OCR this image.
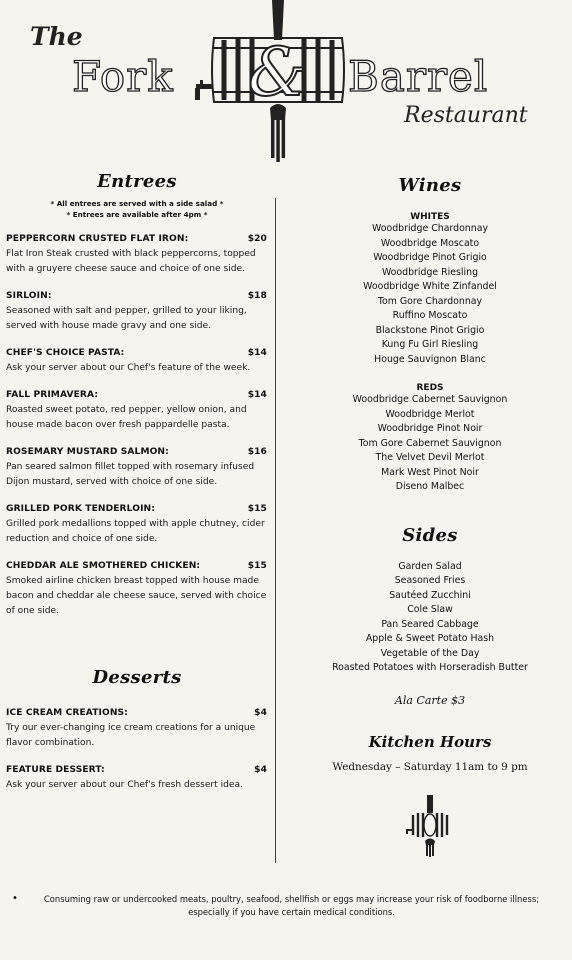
The
Fork & Barrel
Restaurant
Entrees
* All entrees are served with a side salad *
* Entrees are available after 4pm *
PEPPERCORN CRUSTED FLAT IRON:	$20
Flat Iron Steak crusted with black peppercorns, topped with a gruyere cheese sauce and choice of one side.
SIRLOIN:	$18
Seasoned with salt and pepper, grilled to your liking, served with house made gravy and one side.
CHEF'S CHOICE PASTA:	$14
Ask your server about our Chef's feature of the week.
FALL PRIMAVERA:	$14
Roasted sweet potato, red pepper, yellow onion, and house made bacon over fresh pappardelle pasta.
ROSEMARY MUSTARD SALMON:	$16
Pan seared salmon fillet topped with rosemary infused Dijon mustard, served with choice of one side.
GRILLED PORK TENDERLOIN:	$15
Grilled pork medallions topped with apple chutney, cider reduction and choice of one side.
CHEDDAR ALE SMOTHERED CHICKEN:	$15
Smoked airline chicken breast topped with house made bacon and cheddar ale cheese sauce, served with choice of one side.
Desserts
ICE CREAM CREATIONS:	$4
Try our ever-changing ice cream creations for a unique flavor combination.
FEATURE DESSERT:	$4
Ask your server about our Chef's fresh dessert idea.
Wines
WHITES
Woodbridge Chardonnay
Woodbridge Moscato
Woodbridge Pinot Grigio
Woodbridge Riesling
Woodbridge White Zinfandel
Tom Gore Chardonnay
Ruffino Moscato
Blackstone Pinot Grigio
Kung Fu Girl Riesling
Houge Sauvignon Blanc
REDS
Woodbridge Cabernet Sauvignon
Woodbridge Merlot
Woodbridge Pinot Noir
Tom Gore Cabernet Sauvignon
The Velvet Devil Merlot
Mark West Pinot Noir
Diseno Malbec
Sides
Garden Salad
Seasoned Fries
Sautéed Zucchini
Cole Slaw
Pan Seared Cabbage
Apple & Sweet Potato Hash
Vegetable of the Day
Roasted Potatoes with Horseradish Butter
Ala Carte $3
Kitchen Hours
Wednesday – Saturday 11am to 9 pm
•	Consuming raw or undercooked meats, poultry, seafood, shellfish or eggs may increase your risk of foodborne illness; especially if you have certain medical conditions.
